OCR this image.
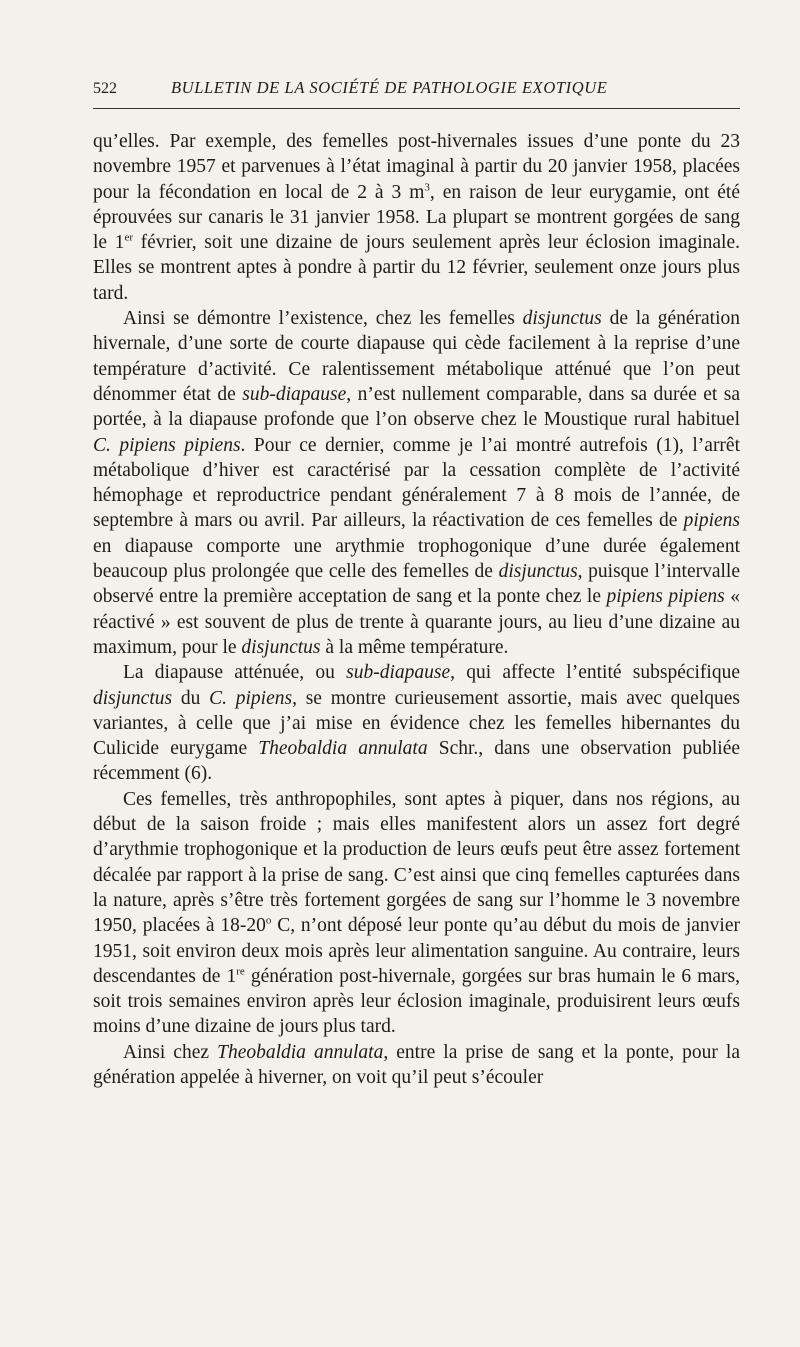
522	BULLETIN DE LA SOCIÉTÉ DE PATHOLOGIE EXOTIQUE

qu’elles. Par exemple, des femelles post-hivernales issues d’une ponte du 23 novembre 1957 et parvenues à l’état imaginal à partir du 20 janvier 1958, placées pour la fécondation en local de 2 à 3 $m^3$, en raison de leur eurygamie, ont été éprouvées sur canaris le 31 janvier 1958. La plupart se montrent gorgées de sang le 1er février, soit une dizaine de jours seulement après leur éclosion imaginale. Elles se montrent aptes à pondre à partir du 12 février, seulement onze jours plus tard.

Ainsi se démontre l’existence, chez les femelles disjunctus de la génération hivernale, d’une sorte de courte diapause qui cède facilement à la reprise d’une température d’activité. Ce ralentissement métabolique atténué que l’on peut dénommer état de sub-diapause, n’est nullement comparable, dans sa durée et sa portée, à la diapause profonde que l’on observe chez le Moustique rural habituel C. pipiens pipiens. Pour ce dernier, comme je l’ai montré autrefois (1), l’arrêt métabolique d’hiver est caractérisé par la cessation complète de l’activité hémophage et reproductrice pendant généralement 7 à 8 mois de l’année, de septembre à mars ou avril. Par ailleurs, la réactivation de ces femelles de pipiens en diapause comporte une arythmie trophogonique d’une durée également beaucoup plus prolongée que celle des femelles de disjunctus, puisque l’intervalle observé entre la première acceptation de sang et la ponte chez le pipiens pipiens « réactivé » est souvent de plus de trente à quarante jours, au lieu d’une dizaine au maximum, pour le disjunctus à la même température.

La diapause atténuée, ou sub-diapause, qui affecte l’entité subspécifique disjunctus du C. pipiens, se montre curieusement assortie, mais avec quelques variantes, à celle que j’ai mise en évidence chez les femelles hibernantes du Culicide eurygame Theobaldia annulata Schr., dans une observation publiée récemment (6).

Ces femelles, très anthropophiles, sont aptes à piquer, dans nos régions, au début de la saison froide ; mais elles manifestent alors un assez fort degré d’arythmie trophogonique et la production de leurs œufs peut être assez fortement décalée par rapport à la prise de sang. C’est ainsi que cinq femelles capturées dans la nature, après s’être très fortement gorgées de sang sur l’homme le 3 novembre 1950, placées à 18-20$^o$ C, n’ont déposé leur ponte qu’au début du mois de janvier 1951, soit environ deux mois après leur alimentation sanguine. Au contraire, leurs descendantes de 1re génération post-hivernale, gorgées sur bras humain le 6 mars, soit trois semaines environ après leur éclosion imaginale, produisirent leurs œufs moins d’une dizaine de jours plus tard.

Ainsi chez Theobaldia annulata, entre la prise de sang et la ponte, pour la génération appelée à hiverner, on voit qu’il peut s’écouler
